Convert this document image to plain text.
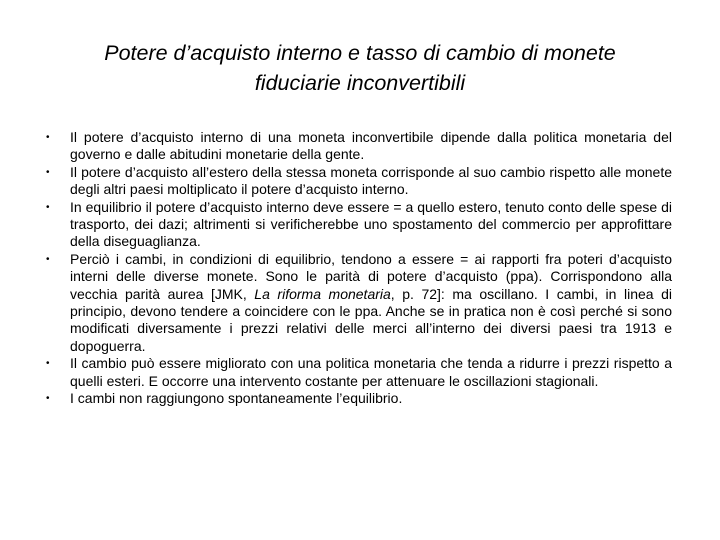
Potere d’acquisto interno e tasso di cambio di monete
fiduciarie inconvertibili
•	Il potere d’acquisto interno di una moneta inconvertibile dipende dalla politica monetaria del governo e dalle abitudini monetarie della gente.
•	Il potere d’acquisto all’estero della stessa moneta corrisponde al suo cambio rispetto alle monete degli altri paesi moltiplicato il potere d’acquisto interno.
•	In equilibrio il potere d’acquisto interno deve essere = a quello estero, tenuto conto delle spese di trasporto, dei dazi; altrimenti si verificherebbe uno spostamento del commercio per approfittare della diseguaglianza.
•	Perciò i cambi, in condizioni di equilibrio, tendono a essere = ai rapporti fra poteri d’acquisto interni delle diverse monete. Sono le parità di potere d’acquisto (ppa). Corrispondono alla vecchia parità aurea [JMK, La riforma monetaria, p. 72]: ma oscillano. I cambi, in linea di principio, devono tendere a coincidere con le ppa. Anche se in pratica non è così perché si sono modificati diversamente i prezzi relativi delle merci all’interno dei diversi paesi tra 1913 e dopoguerra.
•	Il cambio può essere migliorato con una politica monetaria che tenda a ridurre i prezzi rispetto a quelli esteri. E occorre una intervento costante per attenuare le oscillazioni stagionali.
•	I cambi non raggiungono spontaneamente l’equilibrio.
